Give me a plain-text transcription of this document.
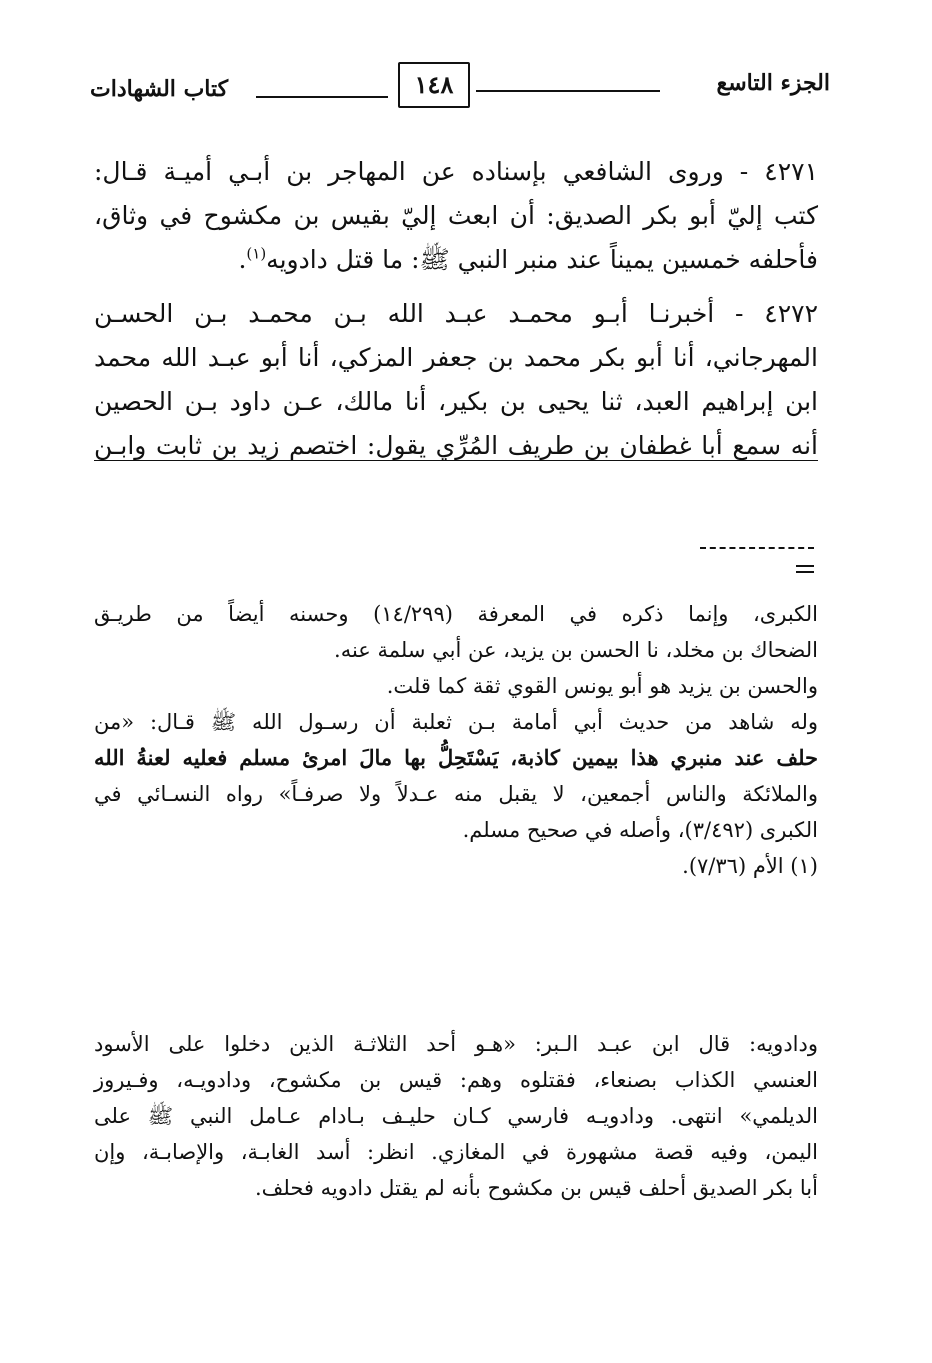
الجزء التاسع
١٤٨
كتاب الشهادات
٤٢٧١ - وروى الشافعي بإسناده عن المهاجر بن أبـي أميـة قـال:
كتب إليّ أبو بكر الصديق: أن ابعث إليّ بقيس بن مكشوح في وثاق،
فأحلفه خمسين يميناً عند منبر النبي ﷺ: ما قتل دادويه$^{(١)}$.
٤٢٧٢ - أخبرنـا أبـو محمـد عبـد الله بـن محمـد بـن الحسـن
المهرجاني، أنا أبو بكر محمد بن جعفر المزكي، أنا أبو عبـد الله محمد
ابن إبراهيم العبد، ثنا يحيى بن بكير، أنا مالك، عـن داود بـن الحصين
أنه سمع أبا غطفان بن طريف المُرِّي يقول: اختصم زيد بن ثابت وابـن
الكبرى، وإنما ذكره في المعرفة (١٤/٢٩٩) وحسنه أيضاً من طريـق
الضحاك بن مخلد، نا الحسن بن يزيد، عن أبي سلمة عنه.
والحسن بن يزيد هو أبو يونس القوي ثقة كما قلت.
وله شاهد من حديث أبي أمامة بـن ثعلبة أن رسـول الله ﷺ قـال: «من
حلف عند منبري هذا بيمين كاذبة، يَسْتَحِلُّ بها مالَ امرئ مسلم فعليه لعنةُ الله
والملائكة والناس أجمعين، لا يقبل منه عـدلاً ولا صرفـاً» رواه النسـائي في
الكبرى (٣/٤٩٢)، وأصله في صحيح مسلم.
(١) الأم (٧/٣٦).
ودادويه: قال ابن عبـد الـبر: «هـو أحد الثلاثـة الذين دخلوا على الأسود
العنسي الكذاب بصنعاء، فقتلوه وهم: قيس بن مكشوح، ودادويـه، وفـيروز
الديلمي» انتهى. ودادويـه فارسي كـان حليـف بـادام عـامل النبي ﷺ على
اليمن، وفيه قصة مشهورة في المغازي. انظر: أسد الغابـة، والإصابـة، وإن
أبا بكر الصديق أحلف قيس بن مكشوح بأنه لم يقتل دادويه فحلف.
